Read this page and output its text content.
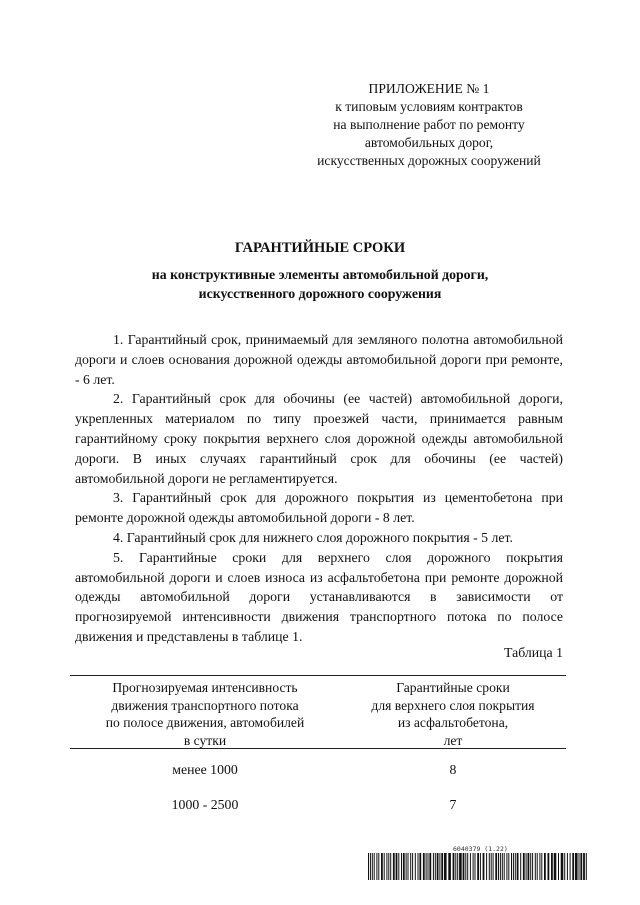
ПРИЛОЖЕНИЕ № 1
к типовым условиям контрактов
на выполнение работ по ремонту
автомобильных дорог,
искусственных дорожных сооружений
ГАРАНТИЙНЫЕ СРОКИ
на конструктивные элементы автомобильной дороги,
искусственного дорожного сооружения

1. Гарантийный срок, принимаемый для земляного полотна автомобильной дороги и слоев основания дорожной одежды автомобильной дороги при ремонте, - 6 лет.

2. Гарантийный срок для обочины (ее частей) автомобильной дороги, укрепленных материалом по типу проезжей части, принимается равным гарантийному сроку покрытия верхнего слоя дорожной одежды автомобильной дороги. В иных случаях гарантийный срок для обочины (ее частей) автомобильной дороги не регламентируется.

3. Гарантийный срок для дорожного покрытия из цементобетона при ремонте дорожной одежды автомобильной дороги - 8 лет.

4. Гарантийный срок для нижнего слоя дорожного покрытия - 5 лет.

5. Гарантийные сроки для верхнего слоя дорожного покрытия автомобильной дороги и слоев износа из асфальтобетона при ремонте дорожной одежды автомобильной дороги устанавливаются в зависимости от прогнозируемой интенсивности движения транспортного потока по полосе движения и представлены в таблице 1.

Таблица 1
Прогнозируемая интенсивность
движения транспортного потока
по полосе движения, автомобилей
в сутки
Гарантийные сроки
для верхнего слоя покрытия
из асфальтобетона,
лет
менее 1000	8
1000 - 2500	7
6040379 (1.22)
